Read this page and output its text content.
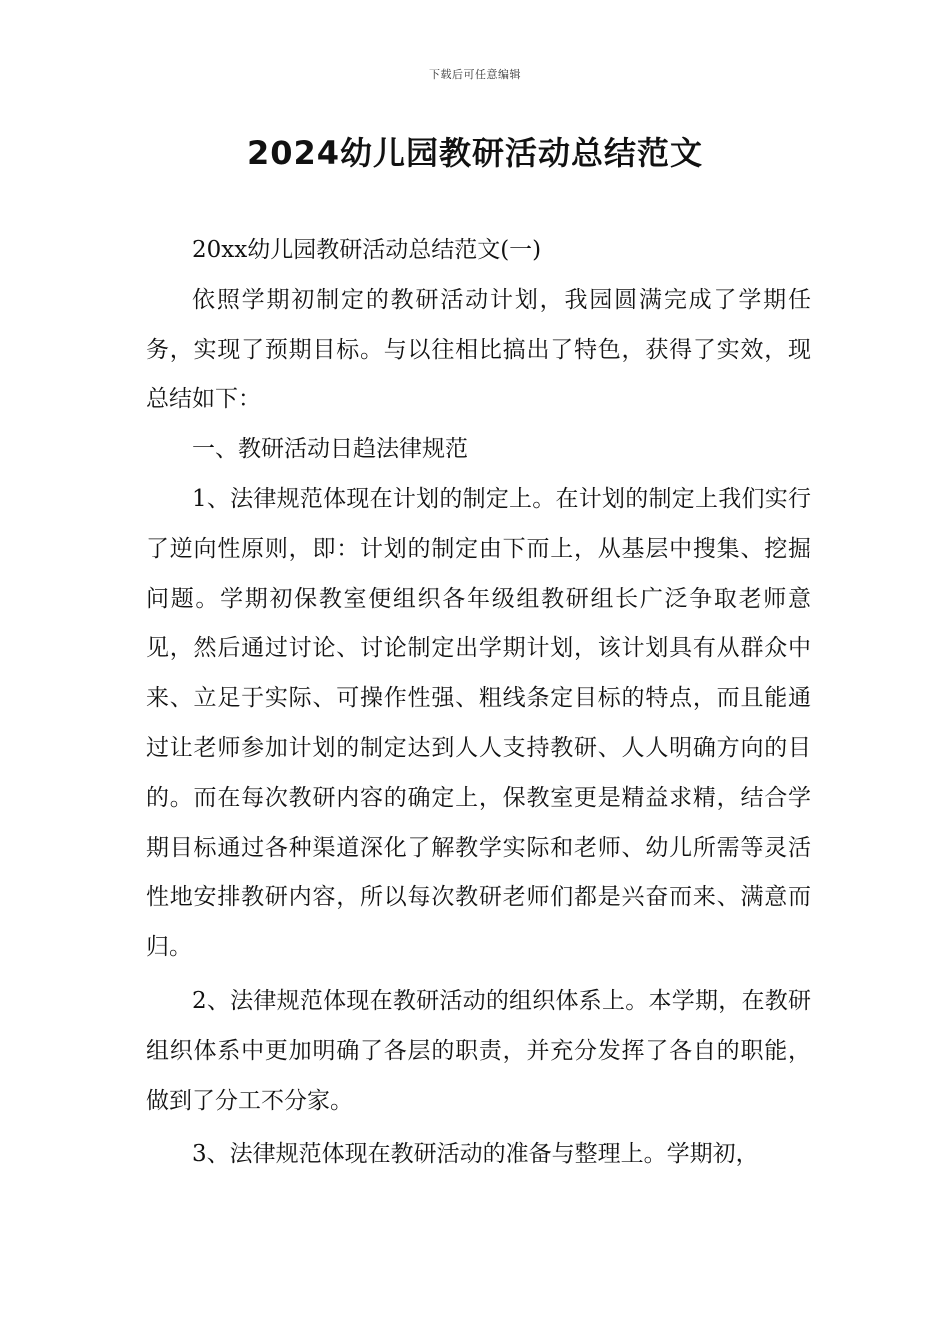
下载后可任意编辑
2024幼儿园教研活动总结范文

20xx幼儿园教研活动总结范文(一)

依照学期初制定的教研活动计划，我园圆满完成了学期任务，实现了预期目标。与以往相比搞出了特色，获得了实效，现总结如下：

一、教研活动日趋法律规范

1、法律规范体现在计划的制定上。在计划的制定上我们实行了逆向性原则，即：计划的制定由下而上，从基层中搜集、挖掘问题。学期初保教室便组织各年级组教研组长广泛争取老师意见，然后通过讨论、讨论制定出学期计划，该计划具有从群众中来、立足于实际、可操作性强、粗线条定目标的特点，而且能通过让老师参加计划的制定达到人人支持教研、人人明确方向的目的。而在每次教研内容的确定上，保教室更是精益求精，结合学期目标通过各种渠道深化了解教学实际和老师、幼儿所需等灵活性地安排教研内容，所以每次教研老师们都是兴奋而来、满意而归。

2、法律规范体现在教研活动的组织体系上。本学期，在教研组织体系中更加明确了各层的职责，并充分发挥了各自的职能，做到了分工不分家。

3、法律规范体现在教研活动的准备与整理上。学期初，
